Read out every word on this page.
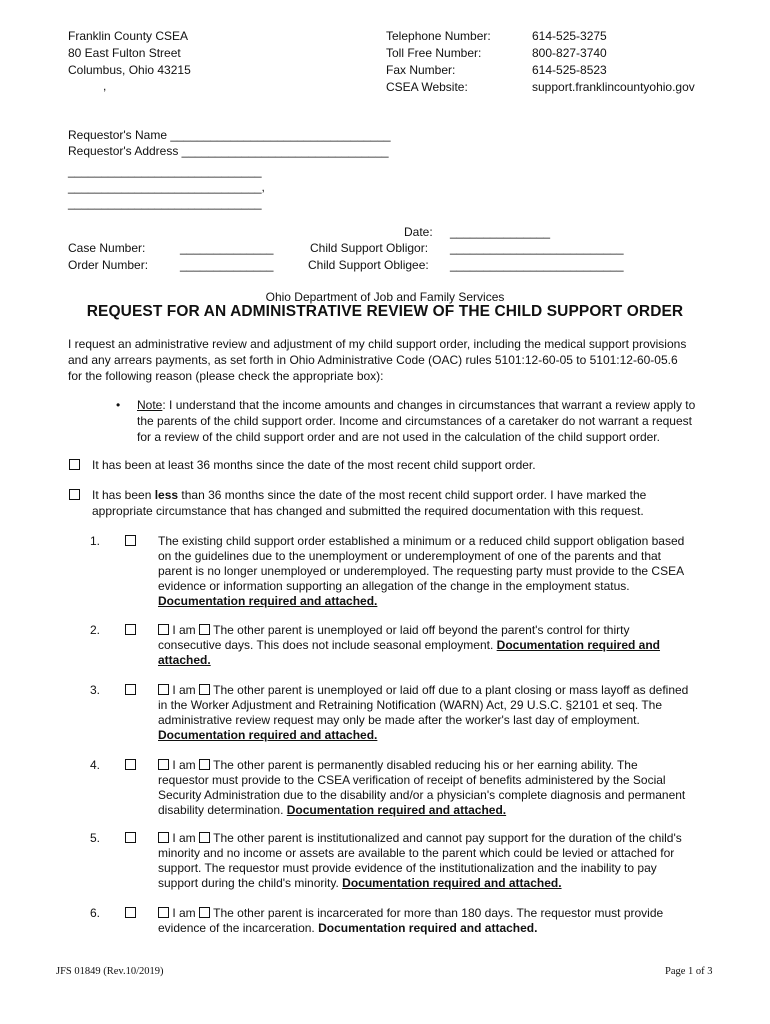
Franklin County CSEA
80 East Fulton Street
Columbus, Ohio 43215
,
Telephone Number:	614-525-3275
Toll Free Number:	800-827-3740
Fax Number:	614-525-8523
CSEA Website:	support.franklincountyohio.gov
Requestor's Name _________________________________
Requestor's Address _______________________________
_____________________________
_____________________________,
_____________________________
Date: _______________
Case Number:	______________	Child Support Obligor: __________________________
Order Number:	______________	Child Support Obligee: __________________________
Ohio Department of Job and Family Services
REQUEST FOR AN ADMINISTRATIVE REVIEW OF THE CHILD SUPPORT ORDER
I request an administrative review and adjustment of my child support order, including the medical support provisions
and any arrears payments, as set forth in Ohio Administrative Code (OAC) rules 5101:12-60-05 to 5101:12-60-05.6
for the following reason (please check the appropriate box):
• Note: I understand that the income amounts and changes in circumstances that warrant a review apply to
the parents of the child support order. Income and circumstances of a caretaker do not warrant a request
for a review of the child support order and are not used in the calculation of the child support order.
It has been at least 36 months since the date of the most recent child support order.
It has been less than 36 months since the date of the most recent child support order. I have marked the
appropriate circumstance that has changed and submitted the required documentation with this request.
1.	The existing child support order established a minimum or a reduced child support obligation based
on the guidelines due to the unemployment or underemployment of one of the parents and that
parent is no longer unemployed or underemployed. The requesting party must provide to the CSEA
evidence or information supporting an allegation of the change in the employment status.
Documentation required and attached.
2.	I am The other parent is unemployed or laid off beyond the parent's control for thirty
consecutive days. This does not include seasonal employment. Documentation required and
attached.
3.	I am The other parent is unemployed or laid off due to a plant closing or mass layoff as defined
in the Worker Adjustment and Retraining Notification (WARN) Act, 29 U.S.C. §2101 et seq. The
administrative review request may only be made after the worker's last day of employment.
Documentation required and attached.
4.	I am The other parent is permanently disabled reducing his or her earning ability. The
requestor must provide to the CSEA verification of receipt of benefits administered by the Social
Security Administration due to the disability and/or a physician's complete diagnosis and permanent
disability determination. Documentation required and attached.
5.	I am The other parent is institutionalized and cannot pay support for the duration of the child's
minority and no income or assets are available to the parent which could be levied or attached for
support. The requestor must provide evidence of the institutionalization and the inability to pay
support during the child's minority. Documentation required and attached.
6.	I am The other parent is incarcerated for more than 180 days. The requestor must provide
evidence of the incarceration. Documentation required and attached.
JFS 01849 (Rev.10/2019)	Page 1 of 3
